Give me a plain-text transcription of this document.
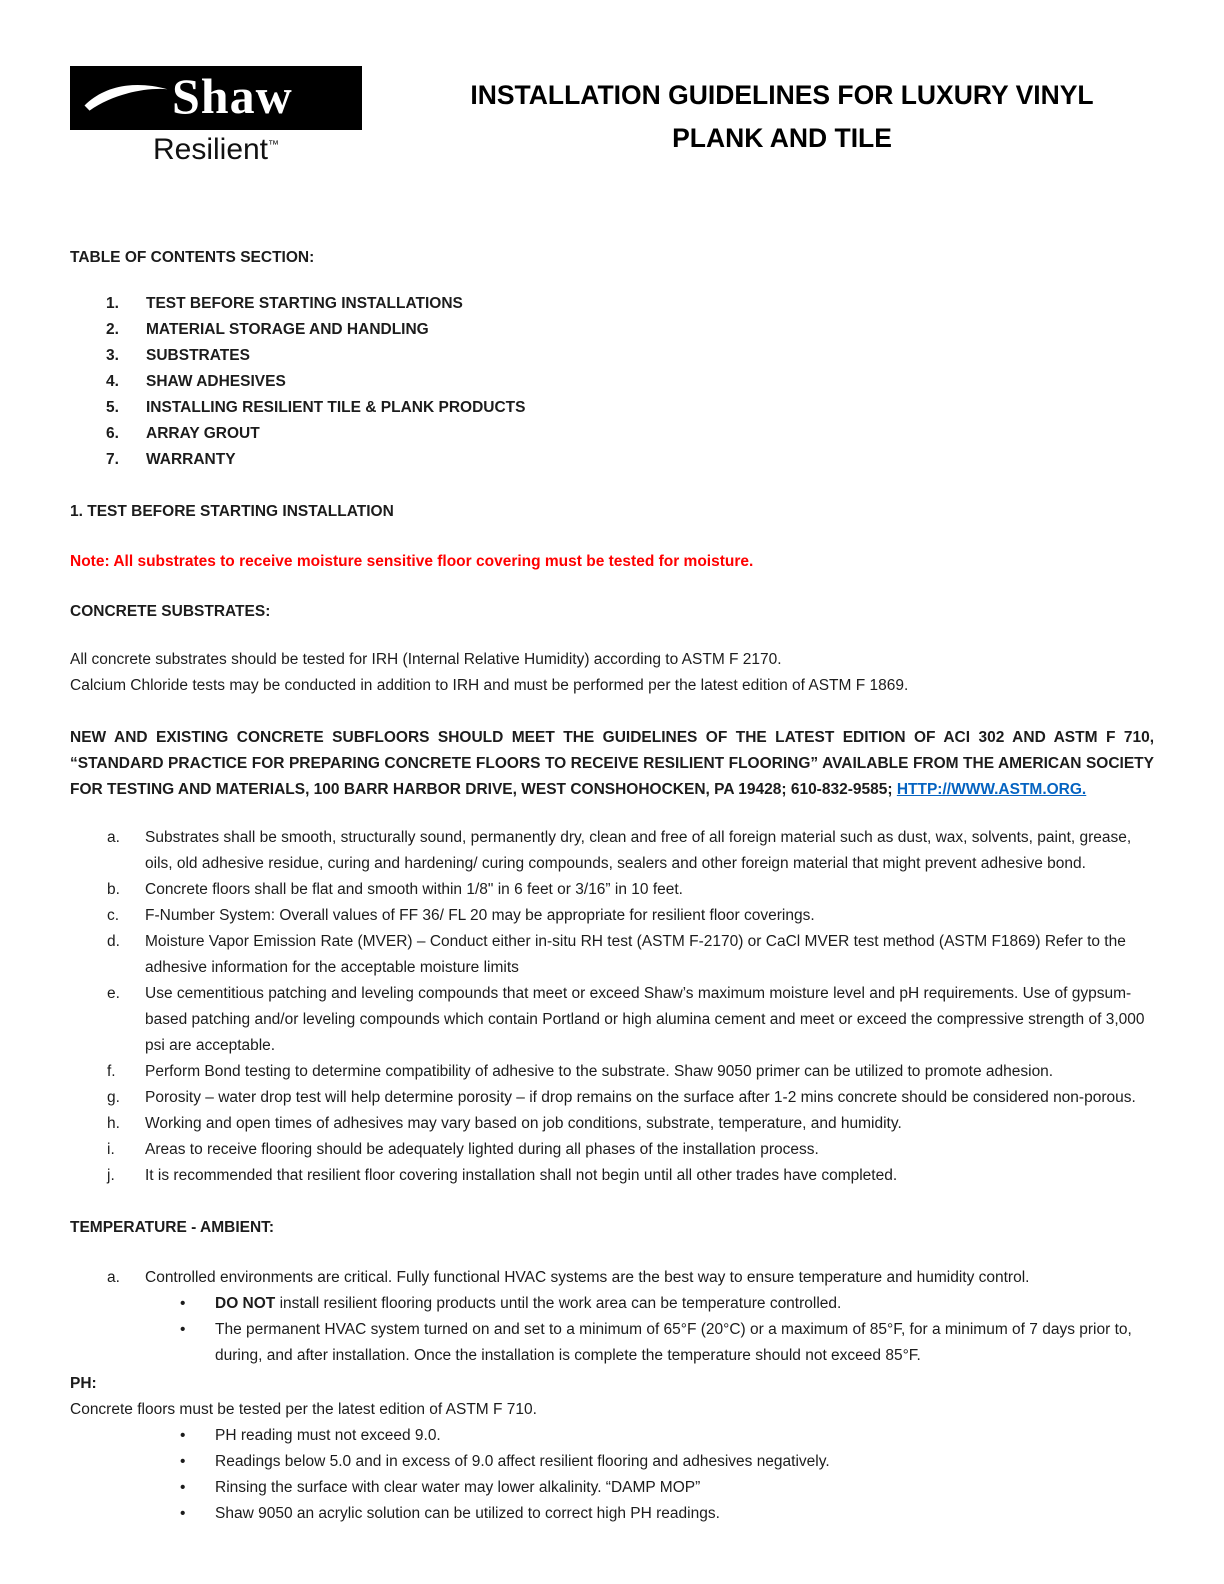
Shaw
Resilient™
INSTALLATION GUIDELINES FOR LUXURY VINYL
PLANK AND TILE
TABLE OF CONTENTS SECTION:
1.	TEST BEFORE STARTING INSTALLATIONS
2.	MATERIAL STORAGE AND HANDLING
3.	SUBSTRATES
4.	SHAW ADHESIVES
5.	INSTALLING RESILIENT TILE & PLANK PRODUCTS
6.	ARRAY GROUT
7.	WARRANTY
1. TEST BEFORE STARTING INSTALLATION
Note: All substrates to receive moisture sensitive floor covering must be tested for moisture.
CONCRETE SUBSTRATES:
All concrete substrates should be tested for IRH (Internal Relative Humidity) according to ASTM F 2170.
Calcium Chloride tests may be conducted in addition to IRH and must be performed per the latest edition of ASTM F 1869.
NEW AND EXISTING CONCRETE SUBFLOORS SHOULD MEET THE GUIDELINES OF THE LATEST EDITION OF ACI 302 AND ASTM F 710, “STANDARD PRACTICE FOR PREPARING CONCRETE FLOORS TO RECEIVE RESILIENT FLOORING” AVAILABLE FROM THE AMERICAN SOCIETY FOR TESTING AND MATERIALS, 100 BARR HARBOR DRIVE, WEST CONSHOHOCKEN, PA 19428; 610-832-9585; HTTP://WWW.ASTM.ORG.
a.	Substrates shall be smooth, structurally sound, permanently dry, clean and free of all foreign material such as dust, wax, solvents, paint, grease, oils, old adhesive residue, curing and hardening/ curing compounds, sealers and other foreign material that might prevent adhesive bond.
b.	Concrete floors shall be flat and smooth within 1/8" in 6 feet or 3/16” in 10 feet.
c.	F-Number System: Overall values of FF 36/ FL 20 may be appropriate for resilient floor coverings.
d.	Moisture Vapor Emission Rate (MVER) – Conduct either in-situ RH test (ASTM F-2170) or CaCl MVER test method (ASTM F1869) Refer to the adhesive information for the acceptable moisture limits
e.	Use cementitious patching and leveling compounds that meet or exceed Shaw’s maximum moisture level and pH requirements. Use of gypsum-based patching and/or leveling compounds which contain Portland or high alumina cement and meet or exceed the compressive strength of 3,000 psi are acceptable.
f.	Perform Bond testing to determine compatibility of adhesive to the substrate. Shaw 9050 primer can be utilized to promote adhesion.
g.	Porosity – water drop test will help determine porosity – if drop remains on the surface after 1-2 mins concrete should be considered non-porous.
h.	Working and open times of adhesives may vary based on job conditions, substrate, temperature, and humidity.
i.	Areas to receive flooring should be adequately lighted during all phases of the installation process.
j.	It is recommended that resilient floor covering installation shall not begin until all other trades have completed.
TEMPERATURE - AMBIENT:
a.	Controlled environments are critical. Fully functional HVAC systems are the best way to ensure temperature and humidity control.
•	DO NOT install resilient flooring products until the work area can be temperature controlled.
•	The permanent HVAC system turned on and set to a minimum of 65°F (20°C) or a maximum of 85°F, for a minimum of 7 days prior to, during, and after installation. Once the installation is complete the temperature should not exceed 85°F.
PH:
Concrete floors must be tested per the latest edition of ASTM F 710.
•	PH reading must not exceed 9.0.
•	Readings below 5.0 and in excess of 9.0 affect resilient flooring and adhesives negatively.
•	Rinsing the surface with clear water may lower alkalinity. “DAMP MOP”
•	Shaw 9050 an acrylic solution can be utilized to correct high PH readings.
